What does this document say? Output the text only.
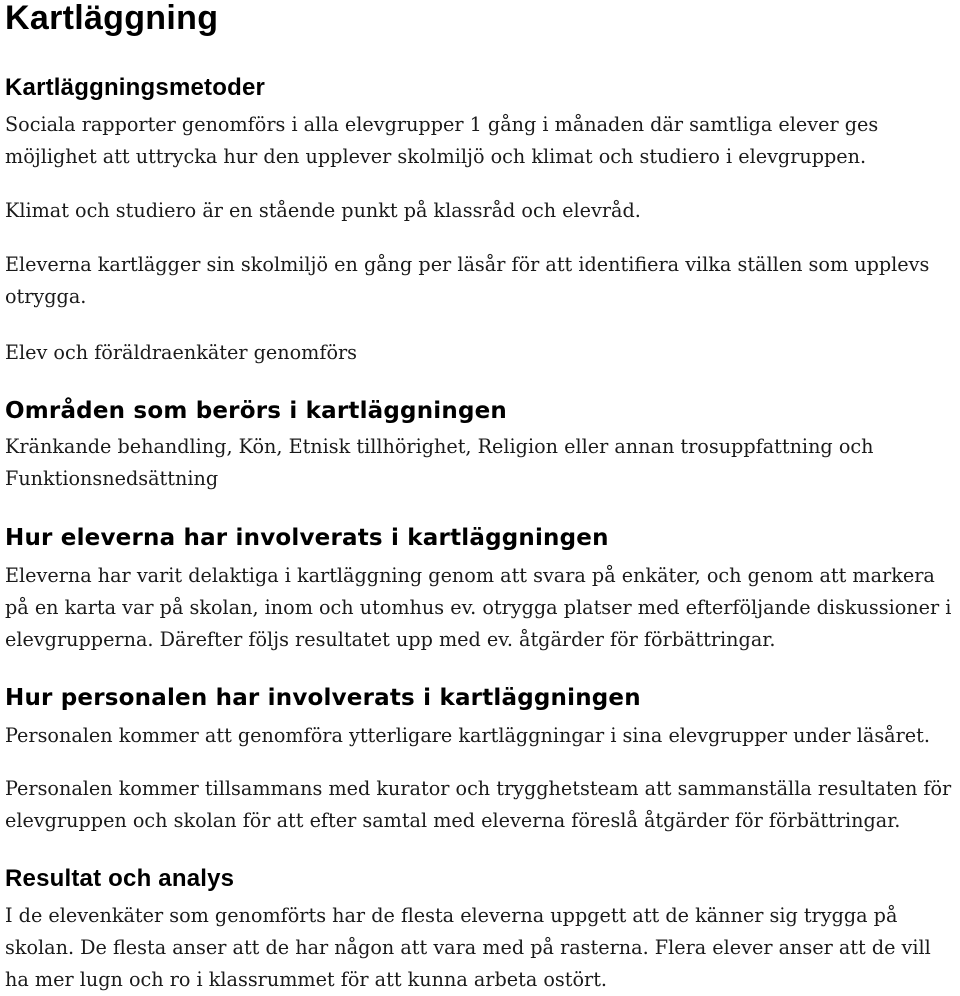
Kartläggning
Kartläggningsmetoder

Sociala rapporter genomförs i alla elevgrupper 1 gång i månaden där samtliga elever ges möjlighet att uttrycka hur den upplever skolmiljö och klimat och studiero i elevgruppen.

Klimat och studiero är en stående punkt på klassråd och elevråd.

Eleverna kartlägger sin skolmiljö en gång per läsår för att identifiera vilka ställen som upplevs otrygga.

Elev och föräldraenkäter genomförs

Områden som berörs i kartläggningen

Kränkande behandling, Kön, Etnisk tillhörighet, Religion eller annan trosuppfattning och Funktionsnedsättning

Hur eleverna har involverats i kartläggningen

Eleverna har varit delaktiga i kartläggning genom att svara på enkäter, och genom att markera på en karta var på skolan, inom och utomhus ev. otrygga platser med efterföljande diskussioner i elevgrupperna. Därefter följs resultatet upp med ev. åtgärder för förbättringar.

Hur personalen har involverats i kartläggningen

Personalen kommer att genomföra ytterligare kartläggningar i sina elevgrupper under läsåret.

Personalen kommer tillsammans med kurator och trygghetsteam att sammanställa resultaten för elevgruppen och skolan för att efter samtal med eleverna föreslå åtgärder för förbättringar.

Resultat och analys

I de elevenkäter som genomförts har de flesta eleverna uppgett att de känner sig trygga på skolan. De flesta anser att de har någon att vara med på rasterna. Flera elever anser att de vill ha mer lugn och ro i klassrummet för att kunna arbeta ostört.
